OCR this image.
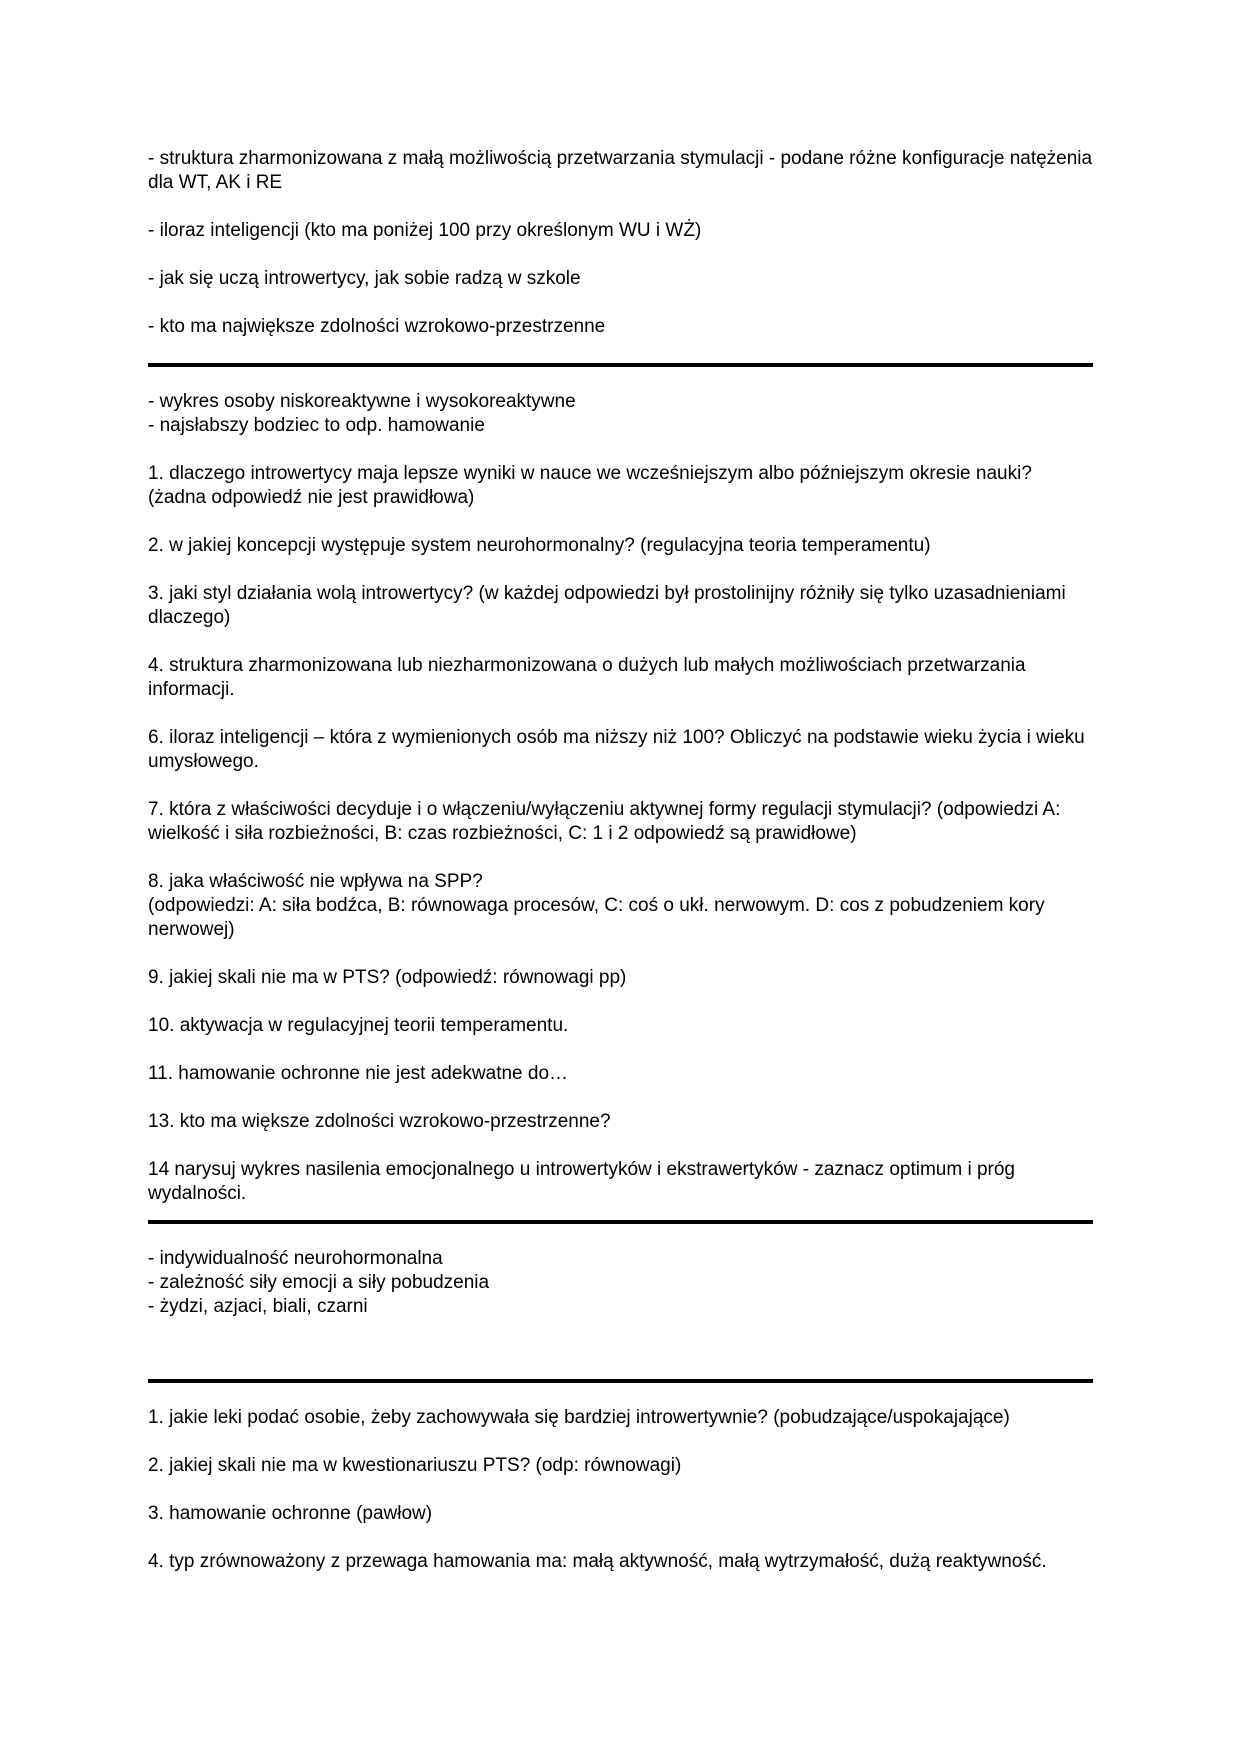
- struktura zharmonizowana z małą możliwością przetwarzania stymulacji - podane różne konfiguracje natężenia dla WT, AK i RE

- iloraz inteligencji (kto ma poniżej 100 przy określonym WU i WŻ)

- jak się uczą introwertycy, jak sobie radzą w szkole

- kto ma największe zdolności wzrokowo-przestrzenne

- wykres osoby niskoreaktywne i wysokoreaktywne

- najsłabszy bodziec to odp. hamowanie

1. dlaczego introwertycy maja lepsze wyniki w nauce we wcześniejszym albo późniejszym okresie nauki? (żadna odpowiedź nie jest prawidłowa)

2. w jakiej koncepcji występuje system neurohormonalny? (regulacyjna teoria temperamentu)

3. jaki styl działania wolą introwertycy? (w każdej odpowiedzi był prostolinijny różniły się tylko uzasadnieniami dlaczego)

4. struktura zharmonizowana lub niezharmonizowana o dużych lub małych możliwościach przetwarzania informacji.

6. iloraz inteligencji – która z wymienionych osób ma niższy niż 100? Obliczyć na podstawie wieku życia i wieku umysłowego.

7. która z właściwości decyduje i o włączeniu/wyłączeniu aktywnej formy regulacji stymulacji? (odpowiedzi A: wielkość i siła rozbieżności, B: czas rozbieżności, C: 1 i 2 odpowiedź są prawidłowe)

8. jaka właściwość nie wpływa na SPP?
(odpowiedzi: A: siła bodźca, B: równowaga procesów, C: coś o ukł. nerwowym. D: cos z pobudzeniem kory nerwowej)

9. jakiej skali nie ma w PTS? (odpowiedź: równowagi pp)

10. aktywacja w regulacyjnej teorii temperamentu.

11. hamowanie ochronne nie jest adekwatne do…

13. kto ma większe zdolności wzrokowo-przestrzenne?

14 narysuj wykres nasilenia emocjonalnego u introwertyków i ekstrawertyków - zaznacz optimum i próg wydalności.

- indywidualność neurohormonalna

- zależność siły emocji a siły pobudzenia

- żydzi, azjaci, biali, czarni

1. jakie leki podać osobie, żeby zachowywała się bardziej introwertywnie? (pobudzające/uspokajające)

2. jakiej skali nie ma w kwestionariuszu PTS? (odp: równowagi)

3. hamowanie ochronne (pawłow)

4. typ zrównoważony z przewaga hamowania ma: małą aktywność, małą wytrzymałość, dużą reaktywność.
